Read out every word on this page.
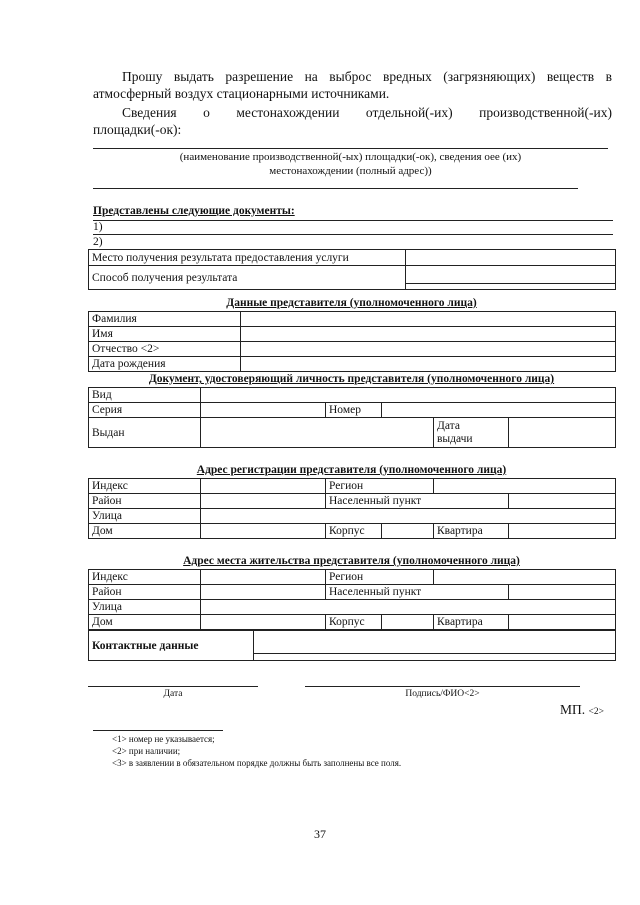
Прошу выдать разрешение на выброс вредных (загрязняющих) веществ в
атмосферный воздух стационарными источниками.
Сведения о местонахождении отдельной(-их) производственной(-их)
площадки(-ок):
(наименование производственной(-ых) площадки(-ок), сведения оее (их)
местонахождении (полный адрес))
Представлены следующие документы:
1)
2)
Место получения результата предоставления услуги	
Способ получения результата	
Данные представителя (уполномоченного лица)
Фамилия	
Имя	
Отчество <2>	
Дата рождения	
Документ, удостоверяющий личность представителя (уполномоченного лица)
Вид					
Серия		Номер			
Выдан				Дата
выдачи	
Адрес регистрации представителя (уполномоченного лица)
Индекс		Регион			
Район		Населенный пункт			
Улица					
Дом		Корпус		Квартира	
Адрес места жительства представителя (уполномоченного лица)
Индекс		Регион			
Район		Населенный пункт			
Улица					
Дом		Корпус		Квартира	
Контактные данные	
Дата	Подпись/ФИО<2>
МП. <2>
<1> номер не указывается;
<2> при наличии;
<3> в заявлении в обязательном порядке должны быть заполнены все поля.
37
